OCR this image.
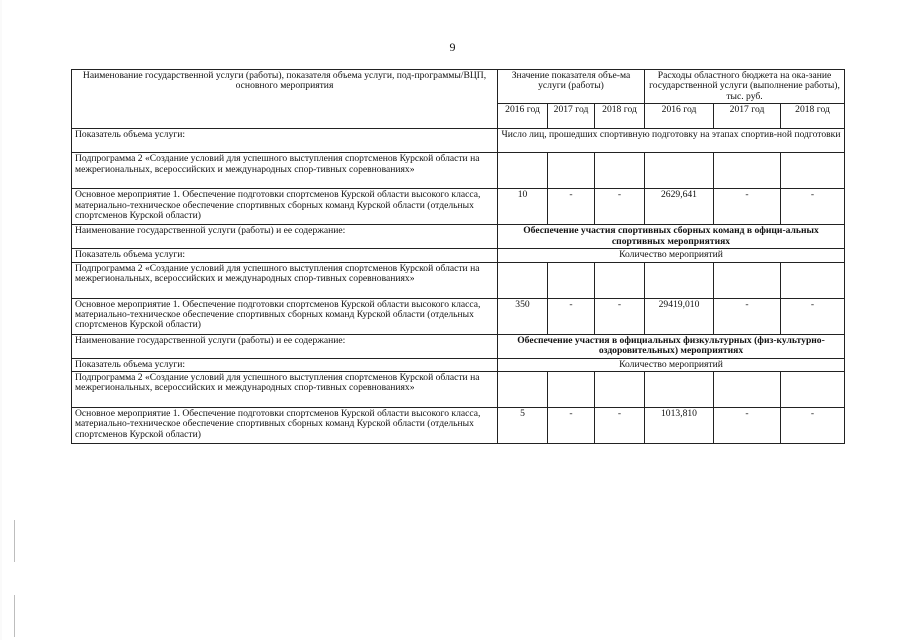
9
Наименование государственной услуги (работы), показателя объема услуги, под-программы/ВЦП, основного мероприятия	Значение показателя объе-ма услуги (работы)			Расходы областного бюджета на ока-зание государственной услуги (выполнение работы), тыс. руб.		
	2016 год	2017 год	2018 год	2016 год	2017 год	2018 год
Показатель объема услуги:	Число лиц, прошедших спортивную подготовку на этапах спортив-ной подготовки					
Подпрограмма 2 «Создание условий для успешного выступления спортсменов Курской области на межрегиональных, всероссийских и международных спор-тивных соревнованиях»						
Основное мероприятие 1. Обеспечение подготовки спортсменов Курской области высокого класса, материально-техническое обеспечение спортивных сборных команд Курской области (отдельных спортсменов Курской области)	10	-	-	2629,641	-	-
Наименование государственной услуги (работы) и ее содержание:	Обеспечение участия спортивных сборных команд в офици-альных спортивных мероприятиях					
Показатель объема услуги:	Количество мероприятий					
Подпрограмма 2 «Создание условий для успешного выступления спортсменов Курской области на межрегиональных, всероссийских и международных спор-тивных соревнованиях»						
Основное мероприятие 1. Обеспечение подготовки спортсменов Курской области высокого класса, материально-техническое обеспечение спортивных сборных команд Курской области (отдельных спортсменов Курской области)	350	-	-	29419,010	-	-
Наименование государственной услуги (работы) и ее содержание:	Обеспечение участия в официальных физкультурных (физ-культурно-оздоровительных) мероприятиях					
Показатель объема услуги:	Количество мероприятий					
Подпрограмма 2 «Создание условий для успешного выступления спортсменов Курской области на межрегиональных, всероссийских и международных спор-тивных соревнованиях»						
Основное мероприятие 1. Обеспечение подготовки спортсменов Курской области высокого класса, материально-техническое обеспечение спортивных сборных команд Курской области (отдельных спортсменов Курской области)	5	-	-	1013,810	-	-
